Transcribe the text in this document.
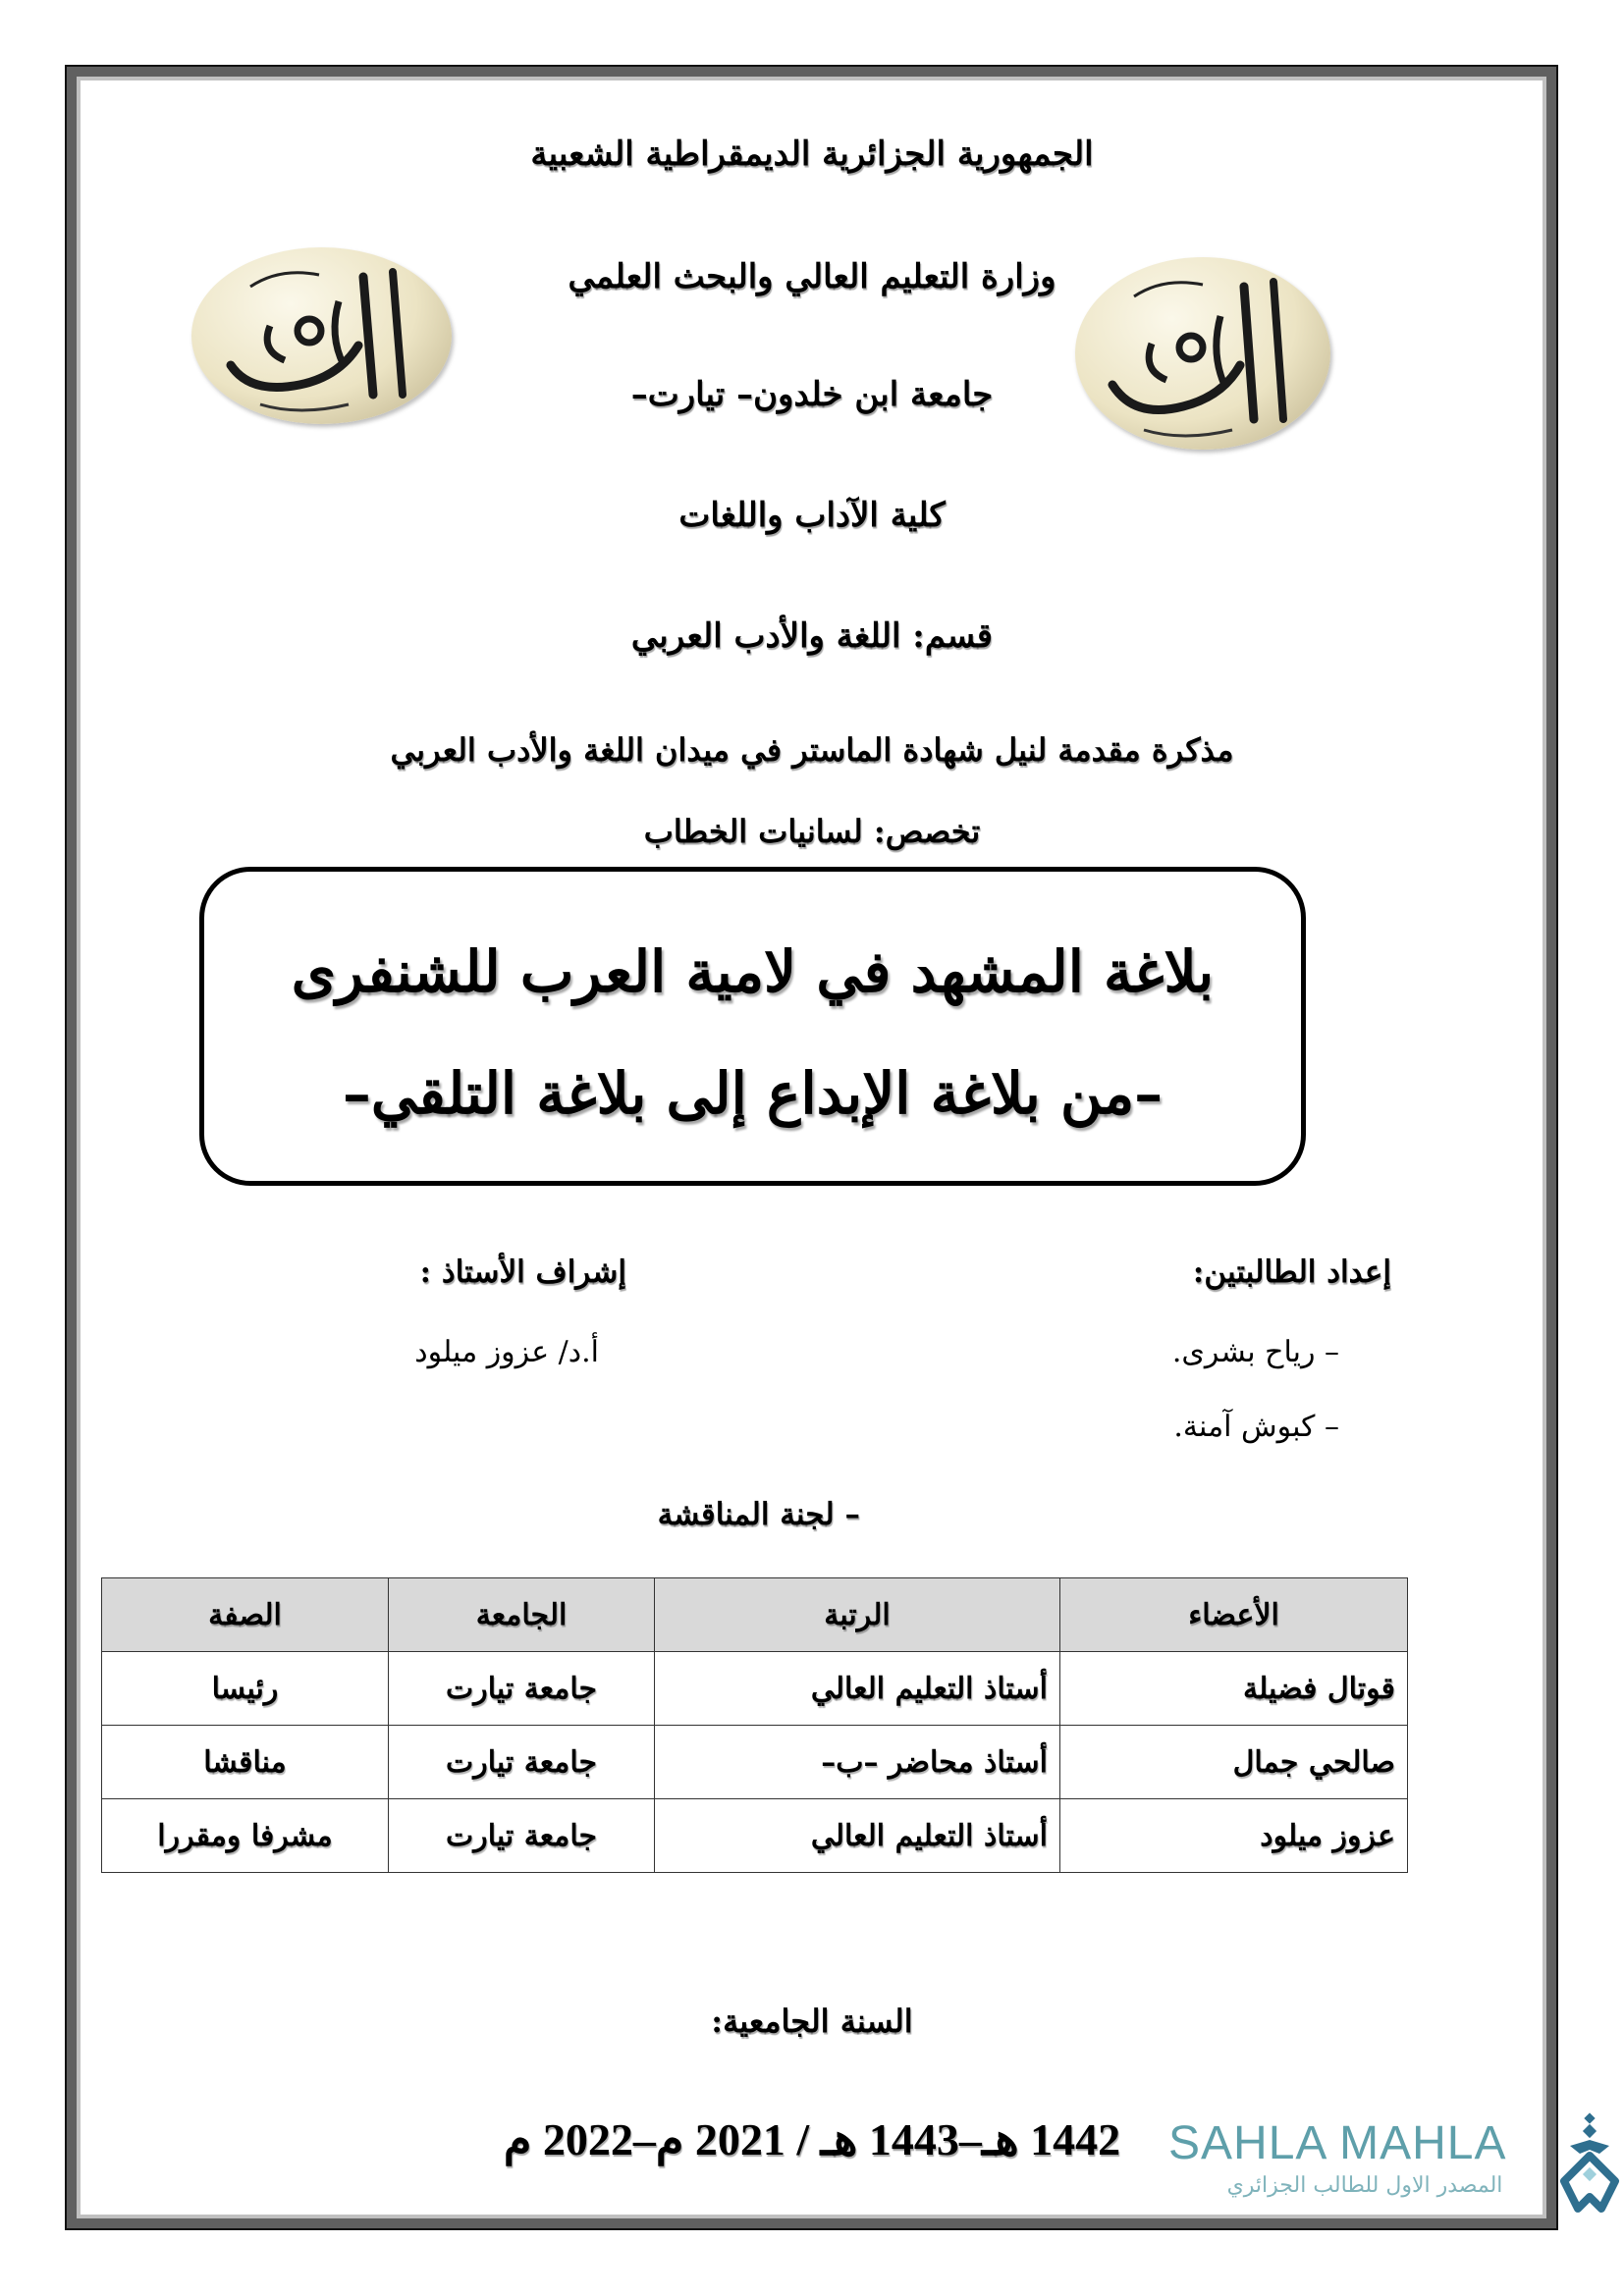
الجمهورية الجزائرية الديمقراطية الشعبية
وزارة التعليم العالي والبحث العلمي
جامعة ابن خلدون– تيارت–
كلية الآداب واللغات
قسم: اللغة والأدب العربي
مذكرة مقدمة لنيل شهادة الماستر في ميدان اللغة والأدب العربي
تخصص: لسانيات الخطاب
بلاغة المشهد في لامية العرب للشنفرى
–من بلاغة الإبداع إلى بلاغة التلقي–
إعداد الطالبتين:
– رياح بشرى.
– كبوش آمنة.
إشراف الأستاذ :
أ.د/ عزوز ميلود
– لجنة المناقشة
الأعضاء	الرتبة	الجامعة	الصفة
قوتال فضيلة	أستاذ التعليم العالي	جامعة تيارت	رئيسا
صالحي جمال	أستاذ محاضر –ب–	جامعة تيارت	مناقشا
عزوز ميلود	أستاذ التعليم العالي	جامعة تيارت	مشرفا ومقررا
السنة الجامعية:
1442 هـ–1443 هـ / 2021 م–2022 م	SAHLA MAHLA
المصدر الاول للطالب الجزائري
